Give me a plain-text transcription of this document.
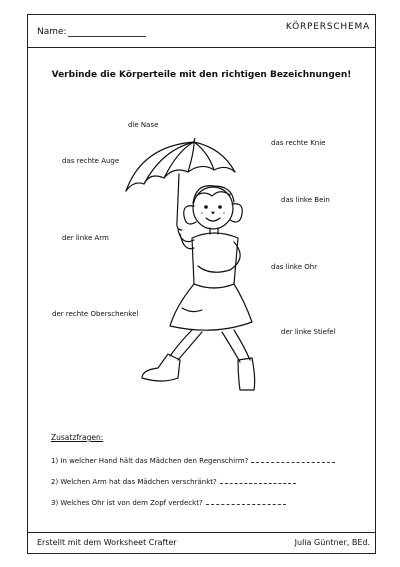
Name:	KÖRPERSCHEMA
Verbinde die Körperteile mit den richtigen Bezeichnungen!
die Nase
das rechte Knie
das rechte Auge
das linke Bein
der linke Arm
das linke Ohr
der rechte Oberschenkel
der linke Stiefel
Zusatzfragen:
1) In welcher Hand hält das Mädchen den Regenschirm?
2) Welchen Arm hat das Mädchen verschränkt?
3) Welches Ohr ist von dem Zopf verdeckt?
Erstellt mit dem Worksheet Crafter	Julia Güntner, BEd.
